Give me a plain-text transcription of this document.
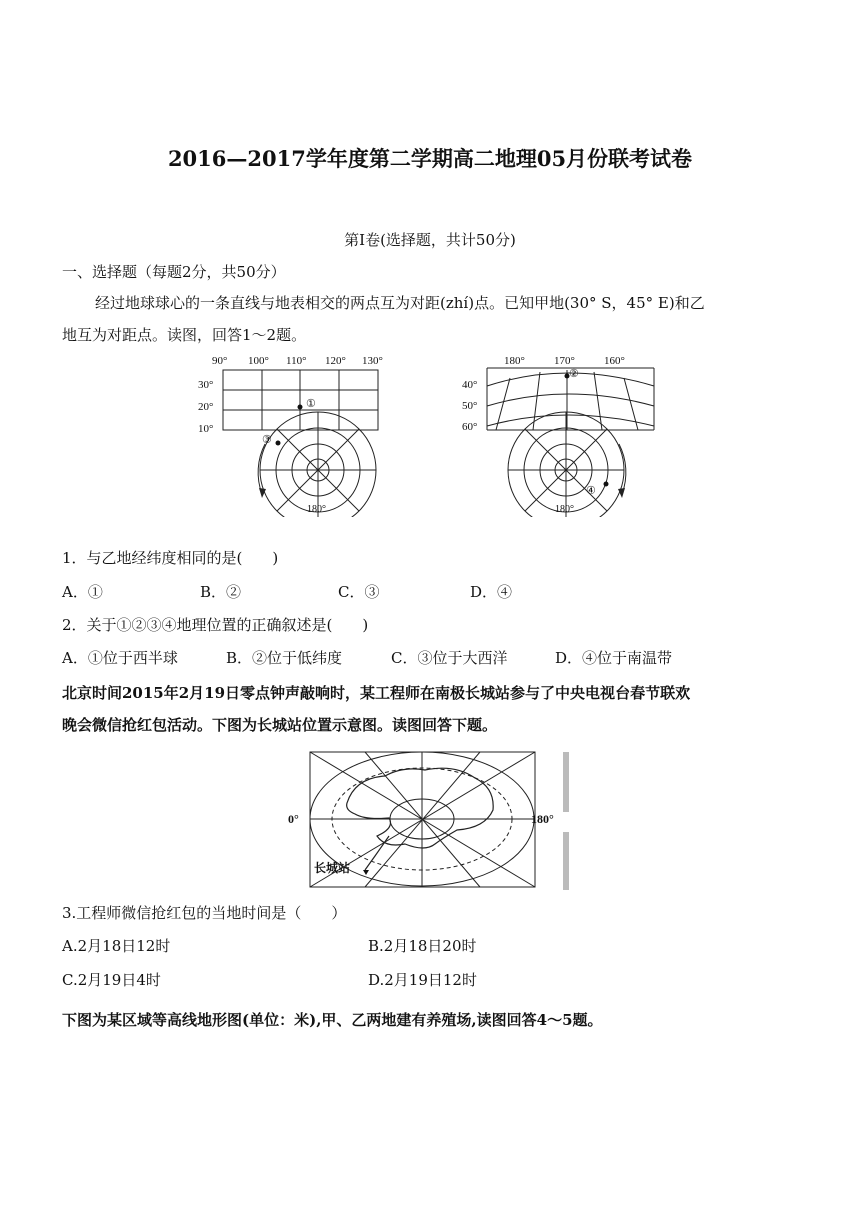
2016—2017学年度第二学期高二地理05月份联考试卷
第Ⅰ卷(选择题，共计50分)
一、选择题（每题2分，共50分）
经过地球球心的一条直线与地表相交的两点互为对距(zhí)点。已知甲地(30° S，45° E)和乙
地互为对距点。读图，回答1～2题。
90° 100° 110° 120° 130°
30°
20°
10°
①
③
180°
180°	170°	160°
40°
50°
60°
②
④
180°
1．与乙地经纬度相同的是(　　)
A．①	B．②	C．③	D．④
2．关于①②③④地理位置的正确叙述是(　　)
A．①位于西半球	B．②位于低纬度	C．③位于大西洋	D．④位于南温带
北京时间2015年2月19日零点钟声敲响时，某工程师在南极长城站参与了中央电视台春节联欢
晚会微信抢红包活动。下图为长城站位置示意图。读图回答下题。
0°	180°
长城站
3.工程师微信抢红包的当地时间是（　　）
A.2月18日12时	B.2月18日20时
C.2月19日4时	D.2月19日12时
下图为某区域等高线地形图(单位：米),甲、乙两地建有养殖场,读图回答4～5题。
